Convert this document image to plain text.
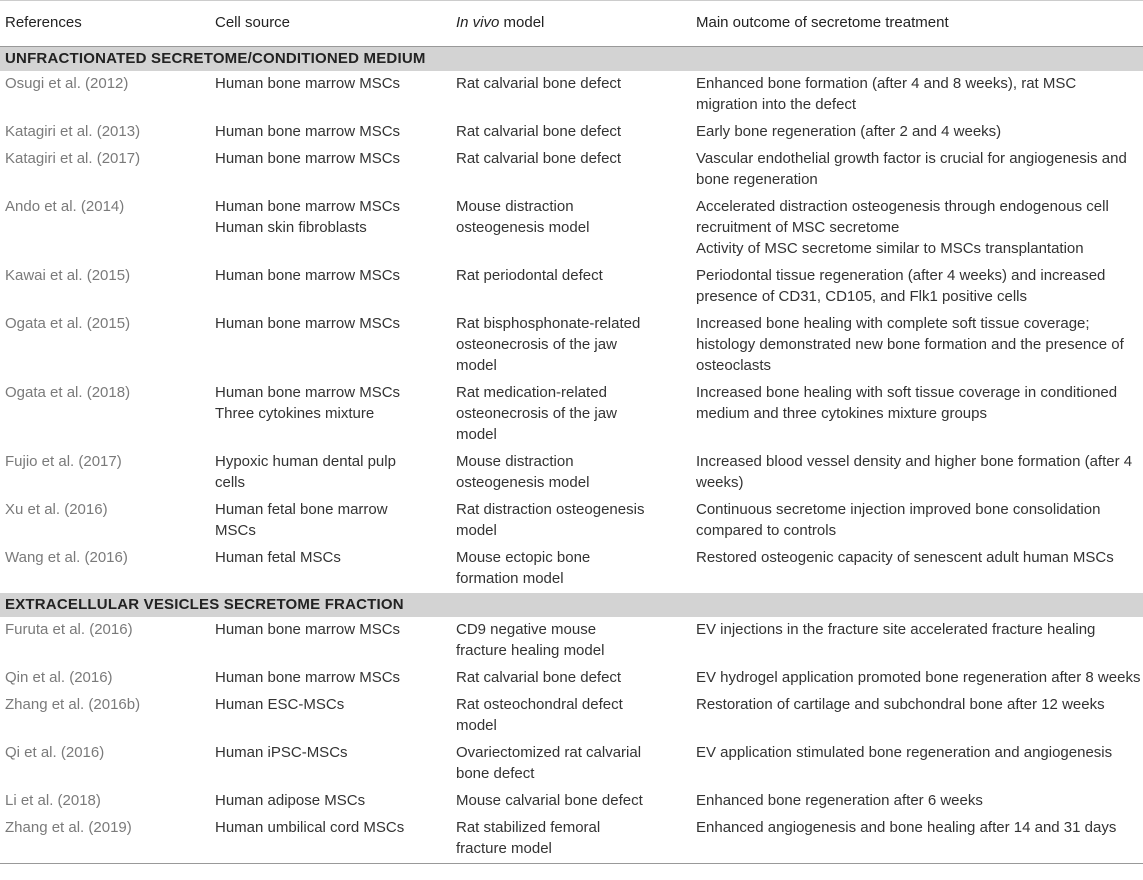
References	Cell source	In vivo model	Main outcome of secretome treatment
UNFRACTIONATED SECRETOME/CONDITIONED MEDIUM			
Osugi et al. (2012)	Human bone marrow MSCs	Rat calvarial bone defect	Enhanced bone formation (after 4 and 8 weeks), rat MSC
migration into the defect
Katagiri et al. (2013)	Human bone marrow MSCs	Rat calvarial bone defect	Early bone regeneration (after 2 and 4 weeks)
Katagiri et al. (2017)	Human bone marrow MSCs	Rat calvarial bone defect	Vascular endothelial growth factor is crucial for angiogenesis and
bone regeneration
Ando et al. (2014)	Human bone marrow MSCs
Human skin fibroblasts	Mouse distraction
osteogenesis model	Accelerated distraction osteogenesis through endogenous cell
recruitment of MSC secretome
Activity of MSC secretome similar to MSCs transplantation
Kawai et al. (2015)	Human bone marrow MSCs	Rat periodontal defect	Periodontal tissue regeneration (after 4 weeks) and increased
presence of CD31, CD105, and Flk1 positive cells
Ogata et al. (2015)	Human bone marrow MSCs	Rat bisphosphonate-related
osteonecrosis of the jaw
model	Increased bone healing with complete soft tissue coverage;
histology demonstrated new bone formation and the presence of
osteoclasts
Ogata et al. (2018)	Human bone marrow MSCs
Three cytokines mixture	Rat medication-related
osteonecrosis of the jaw
model	Increased bone healing with soft tissue coverage in conditioned
medium and three cytokines mixture groups
Fujio et al. (2017)	Hypoxic human dental pulp
cells	Mouse distraction
osteogenesis model	Increased blood vessel density and higher bone formation (after 4
weeks)
Xu et al. (2016)	Human fetal bone marrow
MSCs	Rat distraction osteogenesis
model	Continuous secretome injection improved bone consolidation
compared to controls
Wang et al. (2016)	Human fetal MSCs	Mouse ectopic bone
formation model	Restored osteogenic capacity of senescent adult human MSCs
EXTRACELLULAR VESICLES SECRETOME FRACTION			
Furuta et al. (2016)	Human bone marrow MSCs	CD9 negative mouse
fracture healing model	EV injections in the fracture site accelerated fracture healing
Qin et al. (2016)	Human bone marrow MSCs	Rat calvarial bone defect	EV hydrogel application promoted bone regeneration after 8 weeks
Zhang et al. (2016b)	Human ESC-MSCs	Rat osteochondral defect
model	Restoration of cartilage and subchondral bone after 12 weeks
Qi et al. (2016)	Human iPSC-MSCs	Ovariectomized rat calvarial
bone defect	EV application stimulated bone regeneration and angiogenesis
Li et al. (2018)	Human adipose MSCs	Mouse calvarial bone defect	Enhanced bone regeneration after 6 weeks
Zhang et al. (2019)	Human umbilical cord MSCs	Rat stabilized femoral
fracture model	Enhanced angiogenesis and bone healing after 14 and 31 days
